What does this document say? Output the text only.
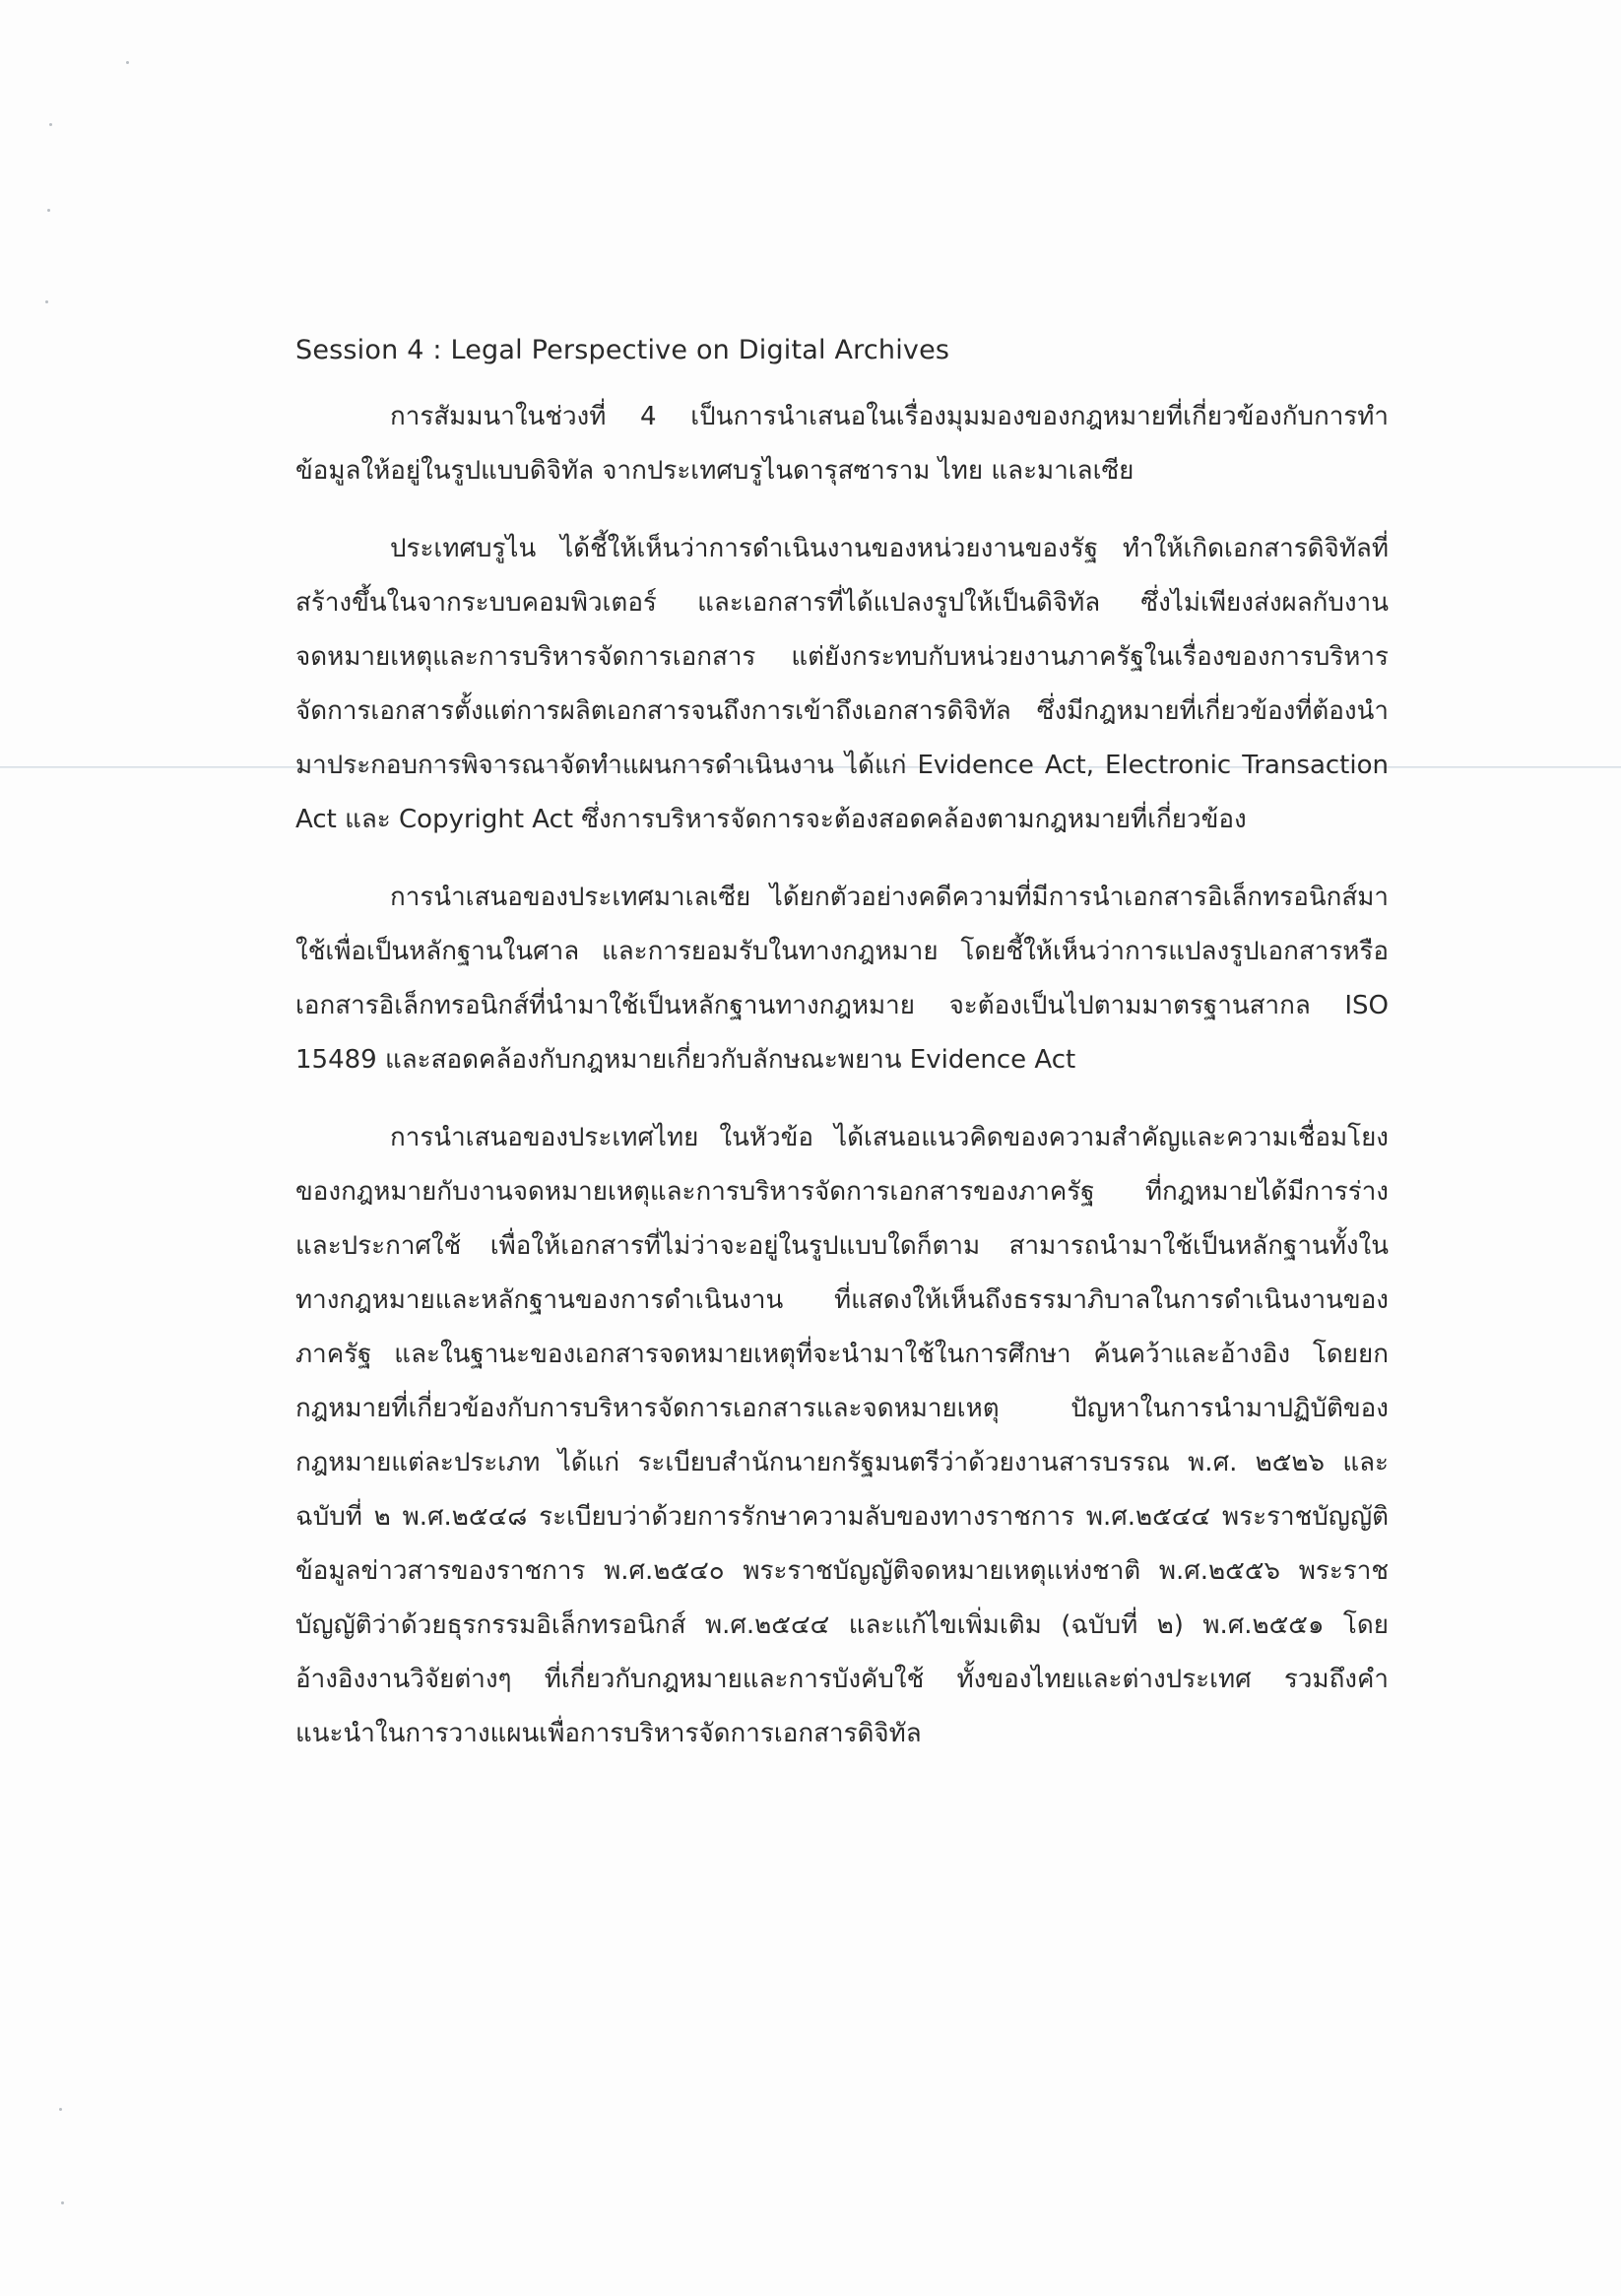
Session 4 : Legal Perspective on Digital Archives

การสัมมนาในช่วงที่ 4 เป็นการนำเสนอในเรื่องมุมมองของกฎหมายที่เกี่ยวข้องกับการทำข้อมูลให้อยู่ในรูปแบบดิจิทัล จากประเทศบรูไนดารุสซาราม ไทย และมาเลเซีย

ประเทศบรูไน ได้ชี้ให้เห็นว่าการดำเนินงานของหน่วยงานของรัฐ ทำให้เกิดเอกสารดิจิทัลที่สร้างขึ้นในจากระบบคอมพิวเตอร์ และเอกสารที่ได้แปลงรูปให้เป็นดิจิทัล ซึ่งไม่เพียงส่งผลกับงานจดหมายเหตุและการบริหารจัดการเอกสาร แต่ยังกระทบกับหน่วยงานภาครัฐในเรื่องของการบริหารจัดการเอกสารตั้งแต่การผลิตเอกสารจนถึงการเข้าถึงเอกสารดิจิทัล ซึ่งมีกฎหมายที่เกี่ยวข้องที่ต้องนำมาประกอบการพิจารณาจัดทำแผนการดำเนินงาน ได้แก่ Evidence Act, Electronic Transaction Act และ Copyright Act ซึ่งการบริหารจัดการจะต้องสอดคล้องตามกฎหมายที่เกี่ยวข้อง

การนำเสนอของประเทศมาเลเซีย ได้ยกตัวอย่างคดีความที่มีการนำเอกสารอิเล็กทรอนิกส์มาใช้เพื่อเป็นหลักฐานในศาล และการยอมรับในทางกฎหมาย โดยชี้ให้เห็นว่าการแปลงรูปเอกสารหรือเอกสารอิเล็กทรอนิกส์ที่นำมาใช้เป็นหลักฐานทางกฎหมาย จะต้องเป็นไปตามมาตรฐานสากล ISO 15489 และสอดคล้องกับกฎหมายเกี่ยวกับลักษณะพยาน Evidence Act

การนำเสนอของประเทศไทย ในหัวข้อ ได้เสนอแนวคิดของความสำคัญและความเชื่อมโยงของกฎหมายกับงานจดหมายเหตุและการบริหารจัดการเอกสารของภาครัฐ ที่กฎหมายได้มีการร่างและประกาศใช้ เพื่อให้เอกสารที่ไม่ว่าจะอยู่ในรูปแบบใดก็ตาม สามารถนำมาใช้เป็นหลักฐานทั้งในทางกฎหมายและหลักฐานของการดำเนินงาน ที่แสดงให้เห็นถึงธรรมาภิบาลในการดำเนินงานของภาครัฐ และในฐานะของเอกสารจดหมายเหตุที่จะนำมาใช้ในการศึกษา ค้นคว้าและอ้างอิง โดยยกกฎหมายที่เกี่ยวข้องกับการบริหารจัดการเอกสารและจดหมายเหตุ ปัญหาในการนำมาปฏิบัติของกฎหมายแต่ละประเภท ได้แก่ ระเบียบสำนักนายกรัฐมนตรีว่าด้วยงานสารบรรณ พ.ศ. ๒๕๒๖ และฉบับที่ ๒ พ.ศ.๒๕๔๘ ระเบียบว่าด้วยการรักษาความลับของทางราชการ พ.ศ.๒๕๔๔ พระราชบัญญัติข้อมูลข่าวสารของราชการ พ.ศ.๒๕๔๐ พระราชบัญญัติจดหมายเหตุแห่งชาติ พ.ศ.๒๕๕๖ พระราชบัญญัติว่าด้วยธุรกรรมอิเล็กทรอนิกส์ พ.ศ.๒๕๔๔ และแก้ไขเพิ่มเติม (ฉบับที่ ๒) พ.ศ.๒๕๕๑ โดยอ้างอิงงานวิจัยต่างๆ ที่เกี่ยวกับกฎหมายและการบังคับใช้ ทั้งของไทยและต่างประเทศ รวมถึงคำแนะนำในการวางแผนเพื่อการบริหารจัดการเอกสารดิจิทัล
